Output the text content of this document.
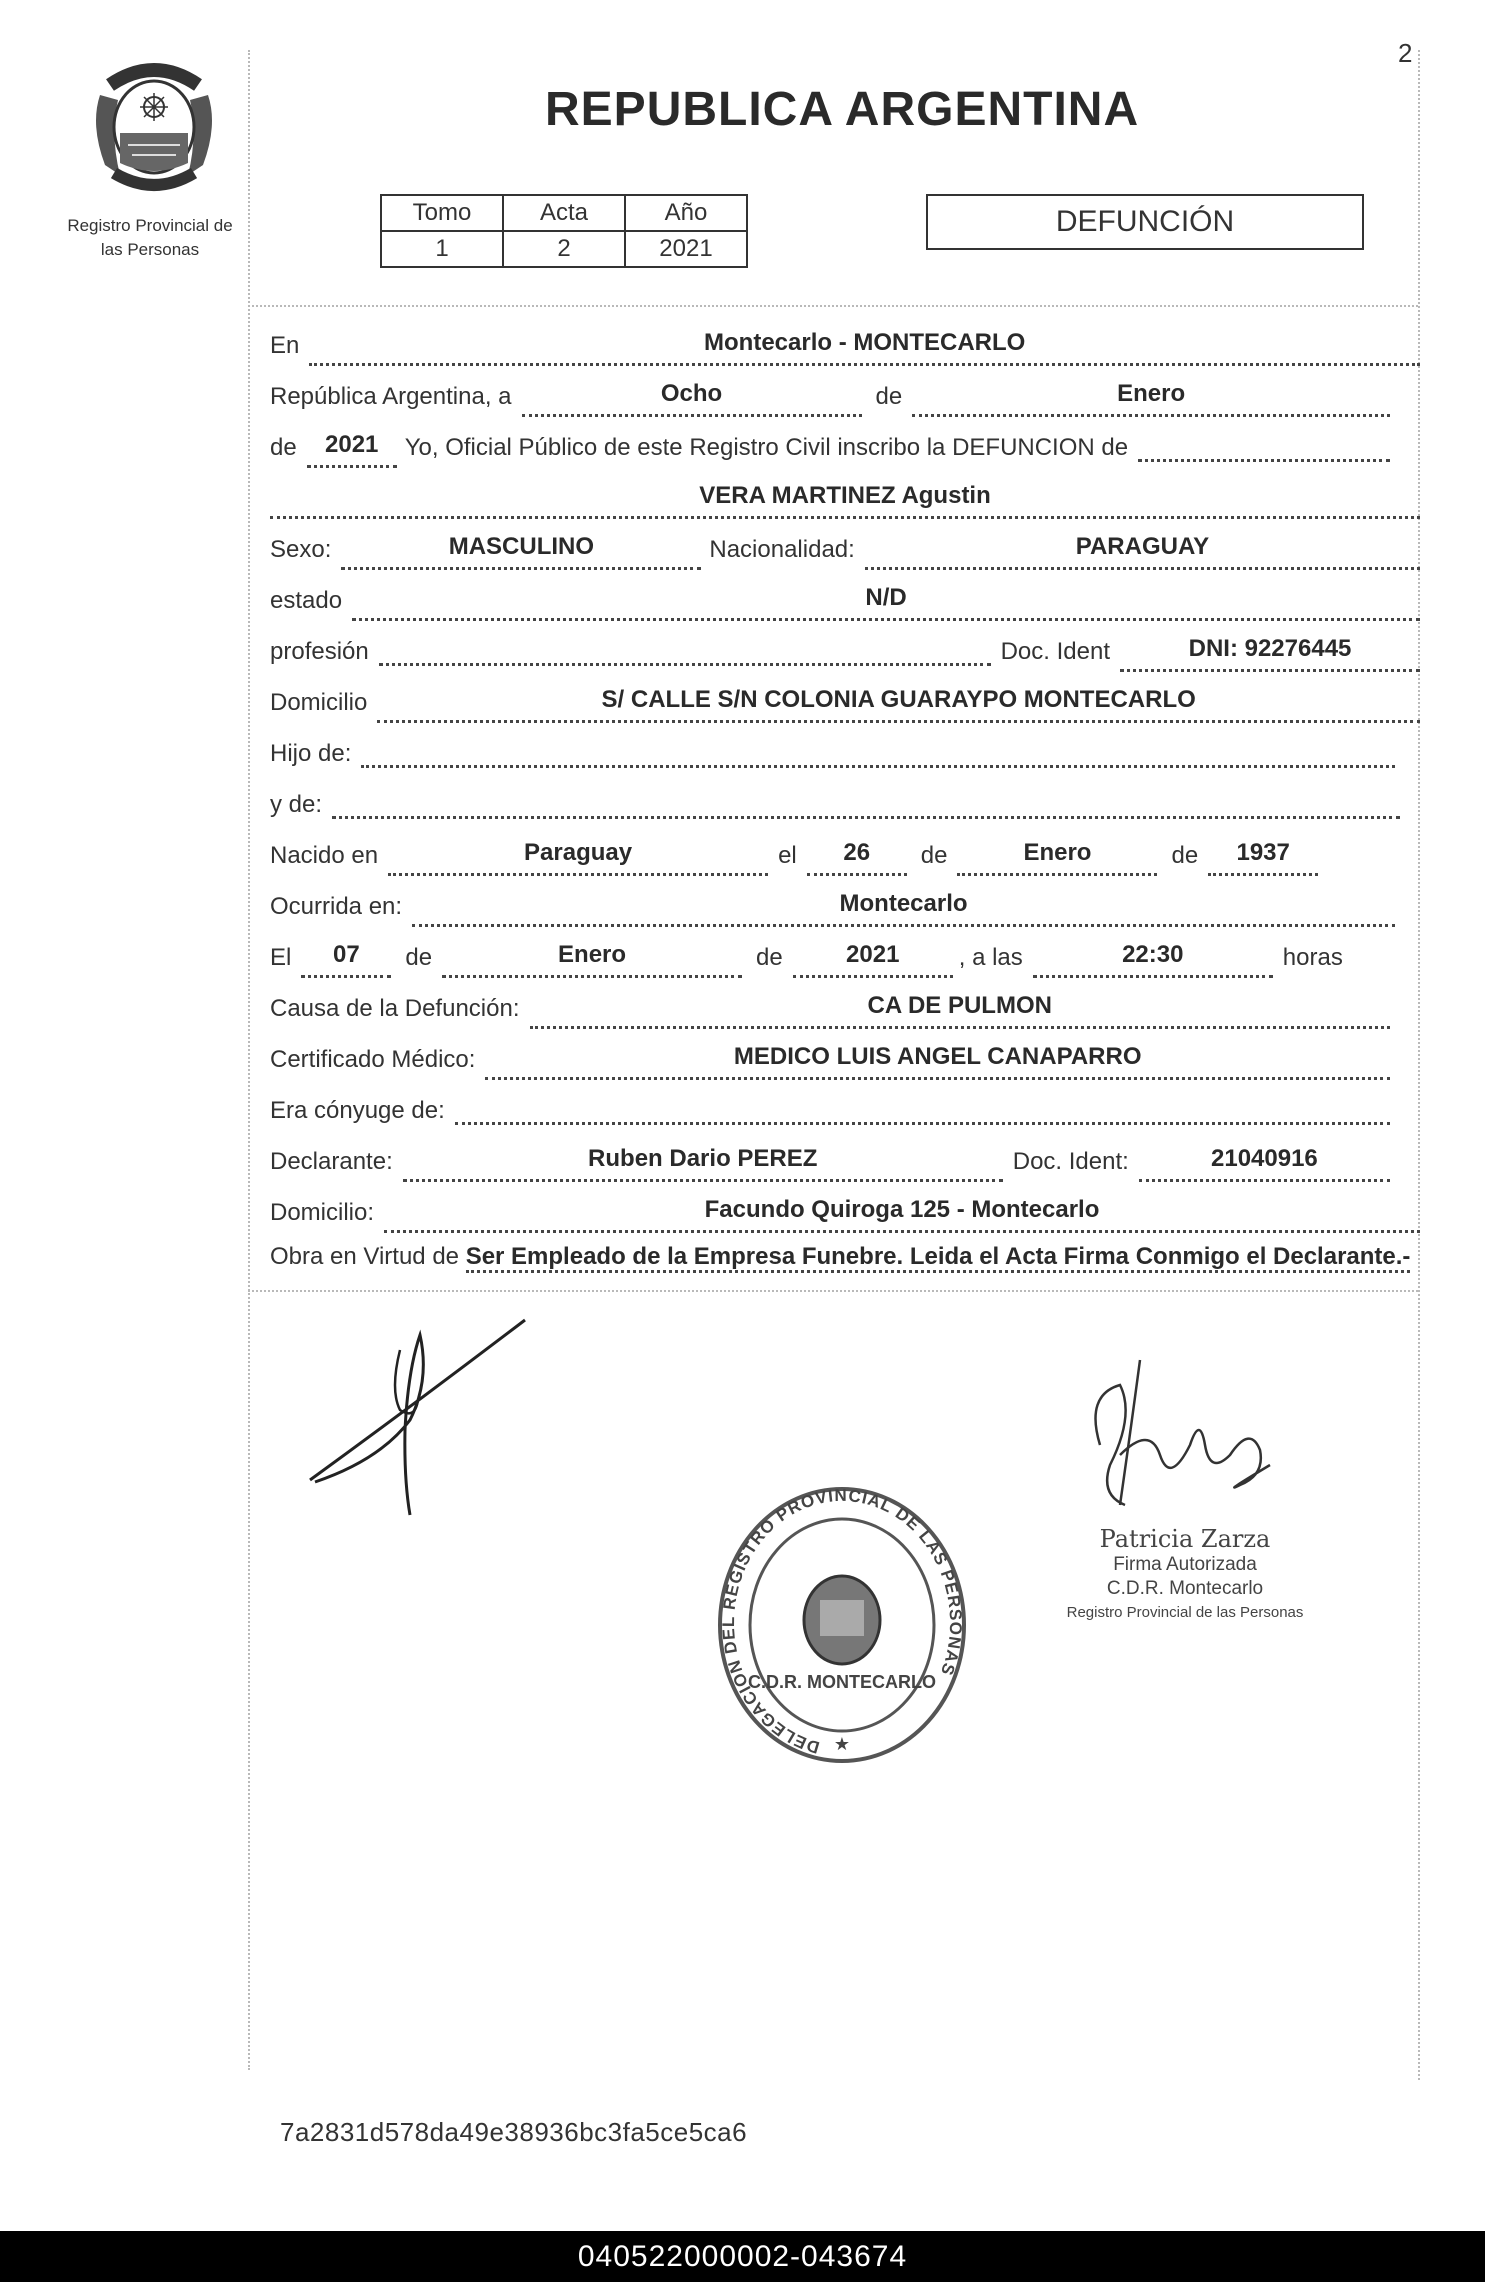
2
Registro Provincial de
las Personas
REPUBLICA ARGENTINA
Tomo	Acta	Año
1	2	2021
DEFUNCIÓN
En	Montecarlo - MONTECARLO
República Argentina, a	Ocho	de	Enero
de	2021	Yo, Oficial Público de este Registro Civil inscribo la DEFUNCION de
VERA MARTINEZ Agustin
Sexo:	MASCULINO	Nacionalidad:	PARAGUAY
estado	N/D
profesión	Doc. Ident	DNI: 92276445
Domicilio	S/ CALLE S/N COLONIA GUARAYPO MONTECARLO
Hijo de:
y de:
Nacido en	Paraguay	el	26	de	Enero	de	1937
Ocurrida en:	Montecarlo
El	07	de	Enero	de	2021	, a las	22:30	horas
Causa de la Defunción:	CA DE PULMON
Certificado Médico:	MEDICO LUIS ANGEL CANAPARRO
Era cónyuge de:
Declarante:	Ruben Dario PEREZ	Doc. Ident:	21040916
Domicilio:	Facundo Quiroga 125 - Montecarlo
Obra en Virtud de Ser Empleado de la Empresa Funebre. Leida el Acta Firma Conmigo el Declarante.-
DELEGACION DEL REGISTRO PROVINCIAL DE LAS PERSONAS
C.D.R. MONTECARLO
★
Patricia Zarza
Firma Autorizada
C.D.R. Montecarlo
Registro Provincial de las Personas
7a2831d578da49e38936bc3fa5ce5ca6
040522000002-043674
